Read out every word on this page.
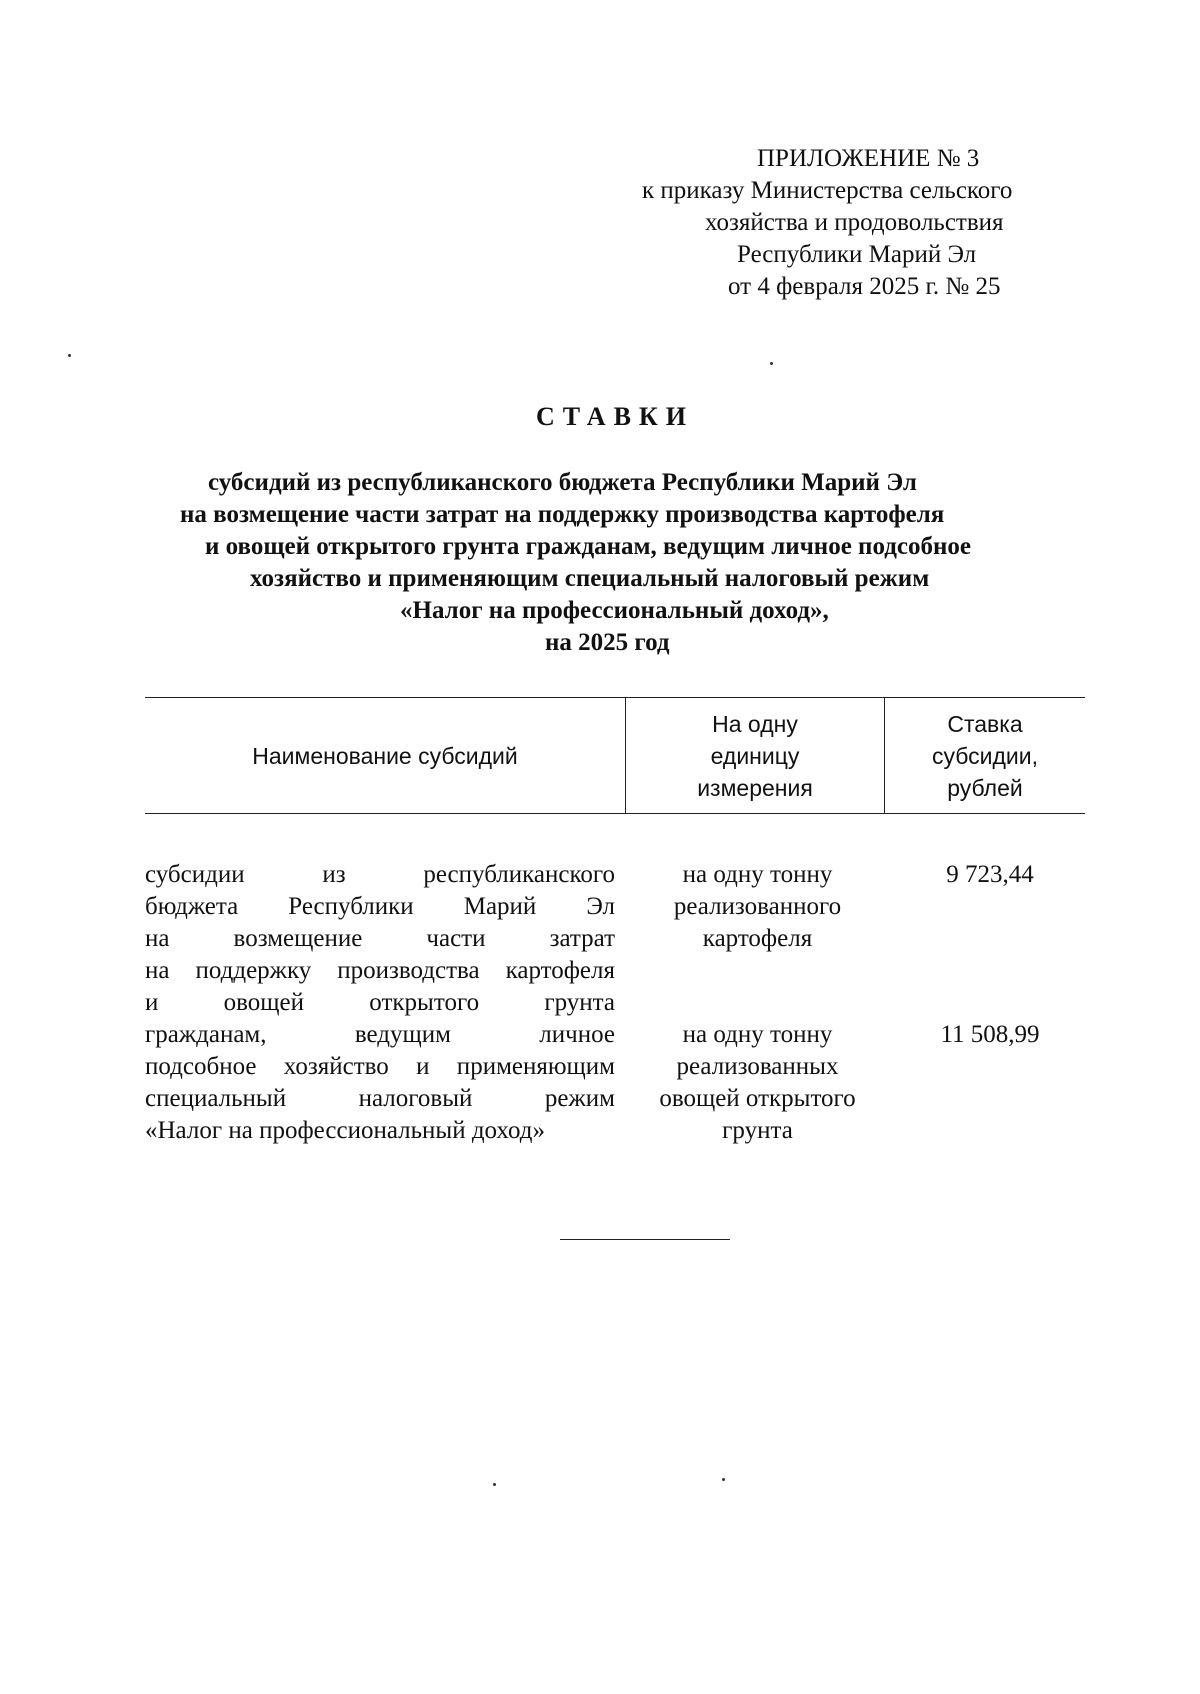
ПРИЛОЖЕНИЕ № 3
к приказу Министерства сельского
хозяйства и продовольствия
Республики Марий Эл
от 4 февраля 2025 г. № 25
СТАВКИ
субсидий из республиканского бюджета Республики Марий Эл
на возмещение части затрат на поддержку производства картофеля
и овощей открытого грунта гражданам, ведущим личное подсобное
хозяйство и применяющим специальный налоговый режим
«Налог на профессиональный доход»,
на 2025 год
Наименование субсидий
На одну
единицу
измерения
Ставка
субсидии,
рублей
субсидии из республиканского
бюджета Республики Марий Эл
на возмещение части затрат
на поддержку производства картофеля
и овощей открытого грунта
гражданам, ведущим личное
подсобное хозяйство и применяющим
специальный налоговый режим
«Налог на профессиональный доход»
на одну тонну
реализованного
картофеля
9 723,44
на одну тонну
реализованных
овощей открытого
грунта
11 508,99
